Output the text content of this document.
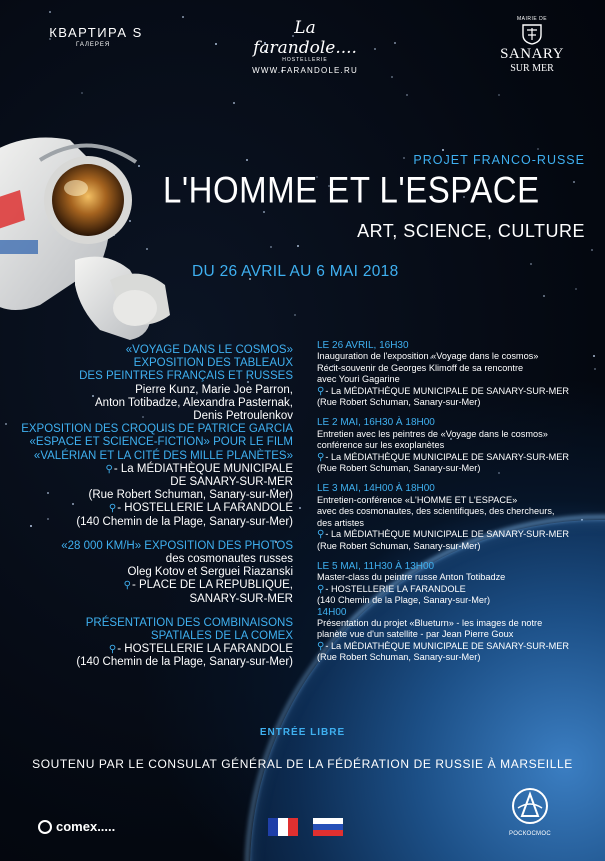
КВАРТИРА S
ГАЛЕРЕЯ
La farandole....
HOSTELLERIE
WWW.FARANDOLE.RU
MAIRIE DE
SANARY
SUR MER
PROJET FRANCO-RUSSE
L'HOMME ET L'ESPACE
ART, SCIENCE, CULTURE
DU 26 AVRIL AU 6 MAI 2018
«VOYAGE DANS LE COSMOS»
EXPOSITION DES TABLEAUX
DES PEINTRES FRANÇAIS ET RUSSES
Pierre Kunz, Marie Joe Parron,
Anton Totibadze, Alexandra Pasternak,
Denis Petroulenkov
EXPOSITION DES CROQUIS DE PATRICE GARCIA
«ESPACE ET SCIENCE-FICTION» POUR LE FILM
«VALÉRIAN ET LA CITÉ DES MILLE PLANÈTES»
⚲- La MÉDIATHÈQUE MUNICIPALE
DE SANARY-SUR-MER
(Rue Robert Schuman, Sanary-sur-Mer)
⚲- HOSTELLERIE LA FARANDOLE
(140 Chemin de la Plage, Sanary-sur-Mer)
«28 000 KM/H» EXPOSITION DES PHOTOS
des cosmonautes russes
Oleg Kotov et Serguei Riazanski
⚲- PLACE DE LA REPUBLIQUE,
SANARY-SUR-MER
PRÉSENTATION DES COMBINAISONS
SPATIALES DE LA COMEX
⚲- HOSTELLERIE LA FARANDOLE
(140 Chemin de la Plage, Sanary-sur-Mer)
LE 26 AVRIL, 16H30
Inauguration de l'exposition «Voyage dans le cosmos»
Récit-souvenir de Georges Klimoff de sa rencontre
avec Youri Gagarine
⚲- La MÉDIATHÈQUE MUNICIPALE DE SANARY-SUR-MER
(Rue Robert Schuman, Sanary-sur-Mer)
LE 2 MAI, 16H30 À 18H00
Entretien avec les peintres de «Voyage dans le cosmos»
conférence sur les exoplanètes
⚲- La MÉDIATHÈQUE MUNICIPALE DE SANARY-SUR-MER
(Rue Robert Schuman, Sanary-sur-Mer)
LE 3 MAI, 14H00 À 18H00
Entretien-conférence «L'HOMME ET L'ESPACE»
avec des cosmonautes, des scientifiques, des chercheurs,
des artistes
⚲- La MÉDIATHÈQUE MUNICIPALE DE SANARY-SUR-MER
(Rue Robert Schuman, Sanary-sur-Mer)
LE 5 MAI, 11H30 À 13H00
Master-class du peintre russe Anton Totibadze
⚲- HOSTELLERIE LA FARANDOLE
(140 Chemin de la Plage, Sanary-sur-Mer)
14H00
Présentation du projet «Blueturn» - les images de notre
planète vue d'un satellite - par Jean Pierre Goux
⚲- La MÉDIATHÈQUE MUNICIPALE DE SANARY-SUR-MER
(Rue Robert Schuman, Sanary-sur-Mer)
ENTRÉE LIBRE
SOUTENU PAR LE CONSULAT GÉNÉRAL DE LA FÉDÉRATION DE RUSSIE À MARSEILLE
comex.....	РОСКОСМОС
